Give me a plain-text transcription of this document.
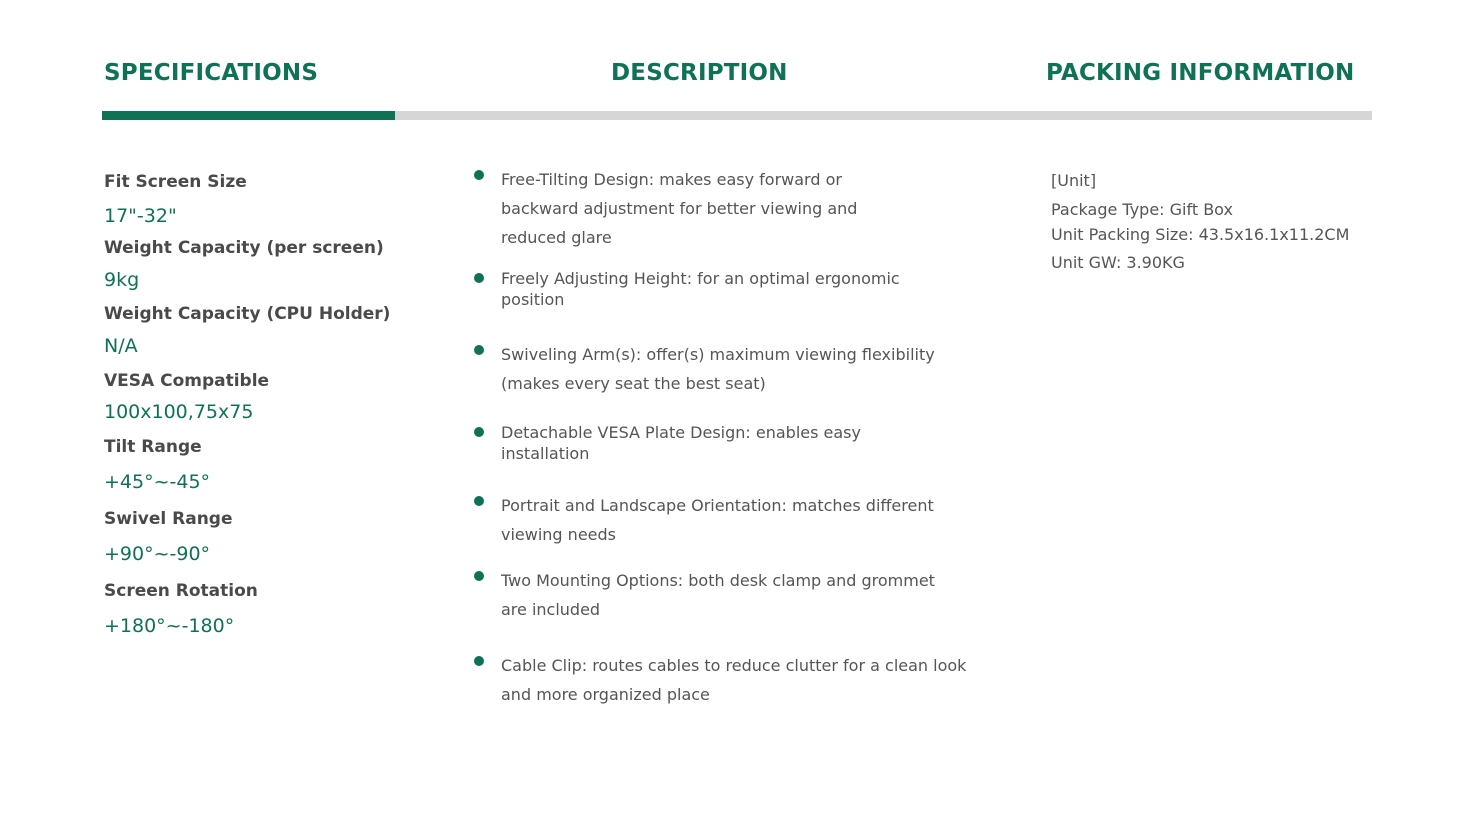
SPECIFICATIONS	DESCRIPTION	PACKING INFORMATION
Fit Screen Size
17"-32"
Weight Capacity (per screen)
9kg
Weight Capacity (CPU Holder)
N/A
VESA Compatible
100x100,75x75
Tilt Range
+45°~-45°
Swivel Range
+90°~-90°
Screen Rotation
+180°~-180°
Free-Tilting Design: makes easy forward or
backward adjustment for better viewing and
reduced glare
Freely Adjusting Height: for an optimal ergonomic
position
Swiveling Arm(s): offer(s) maximum viewing flexibility
(makes every seat the best seat)
Detachable VESA Plate Design: enables easy
installation
Portrait and Landscape Orientation: matches different
viewing needs
Two Mounting Options: both desk clamp and grommet
are included
Cable Clip: routes cables to reduce clutter for a clean look
and more organized place
[Unit]
Package Type: Gift Box
Unit Packing Size: 43.5x16.1x11.2CM
Unit GW: 3.90KG
